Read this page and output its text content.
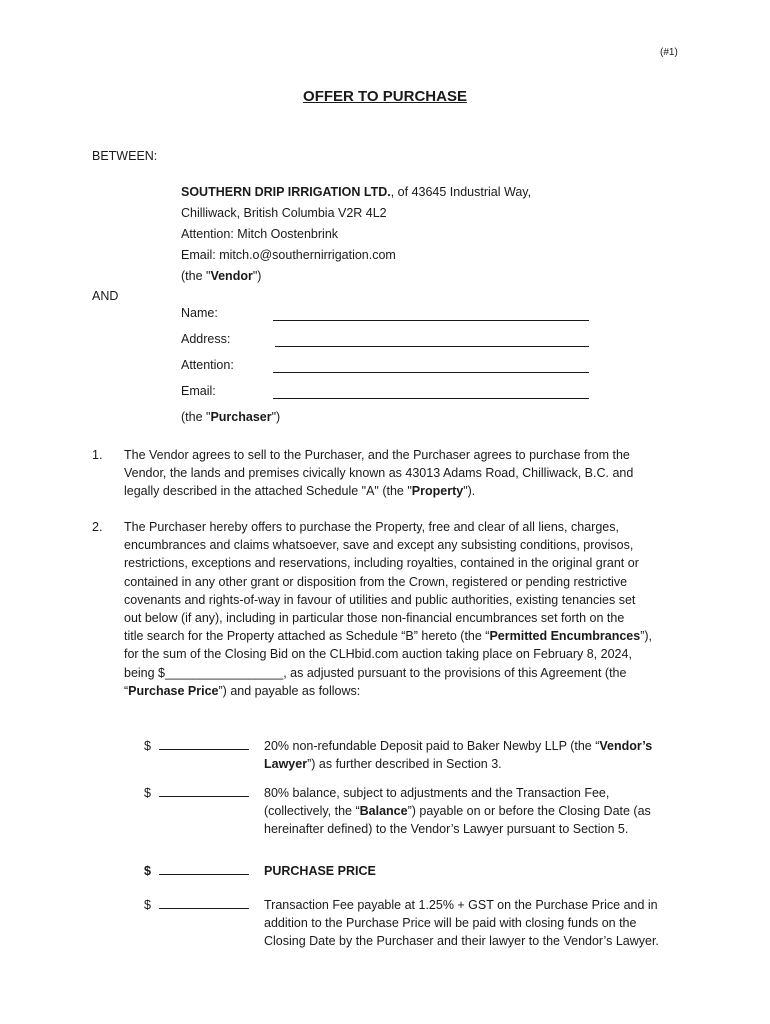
(#1)
OFFER TO PURCHASE
BETWEEN:

SOUTHERN DRIP IRRIGATION LTD., of 43645 Industrial Way,

Chilliwack, British Columbia V2R 4L2

Attention: Mitch Oostenbrink

Email: mitch.o@southernirrigation.com

(the "Vendor")

AND
Name:
Address:
Attention:
Email:
(the "Purchaser")
1. The Vendor agrees to sell to the Purchaser, and the Purchaser agrees to purchase from the

Vendor, the lands and premises civically known as 43013 Adams Road, Chilliwack, B.C. and

legally described in the attached Schedule "A" (the "Property").

2. The Purchaser hereby offers to purchase the Property, free and clear of all liens, charges,

encumbrances and claims whatsoever, save and except any subsisting conditions, provisos,

restrictions, exceptions and reservations, including royalties, contained in the original grant or

contained in any other grant or disposition from the Crown, registered or pending restrictive

covenants and rights-of-way in favour of utilities and public authorities, existing tenancies set

out below (if any), including in particular those non-financial encumbrances set forth on the

title search for the Property attached as Schedule “B” hereto (the “Permitted Encumbrances”),

for the sum of the Closing Bid on the CLHbid.com auction taking place on February 8, 2024,

being $_________________, as adjusted pursuant to the provisions of this Agreement (the

“Purchase Price”) and payable as follows:

$	20% non-refundable Deposit paid to Baker Newby LLP (the “Vendor’s

Lawyer”) as further described in Section 3.

$	80% balance, subject to adjustments and the Transaction Fee,

(collectively, the “Balance”) payable on or before the Closing Date (as

hereinafter defined) to the Vendor’s Lawyer pursuant to Section 5.

$	PURCHASE PRICE
$	Transaction Fee payable at 1.25% + GST on the Purchase Price and in

addition to the Purchase Price will be paid with closing funds on the

Closing Date by the Purchaser and their lawyer to the Vendor’s Lawyer.
